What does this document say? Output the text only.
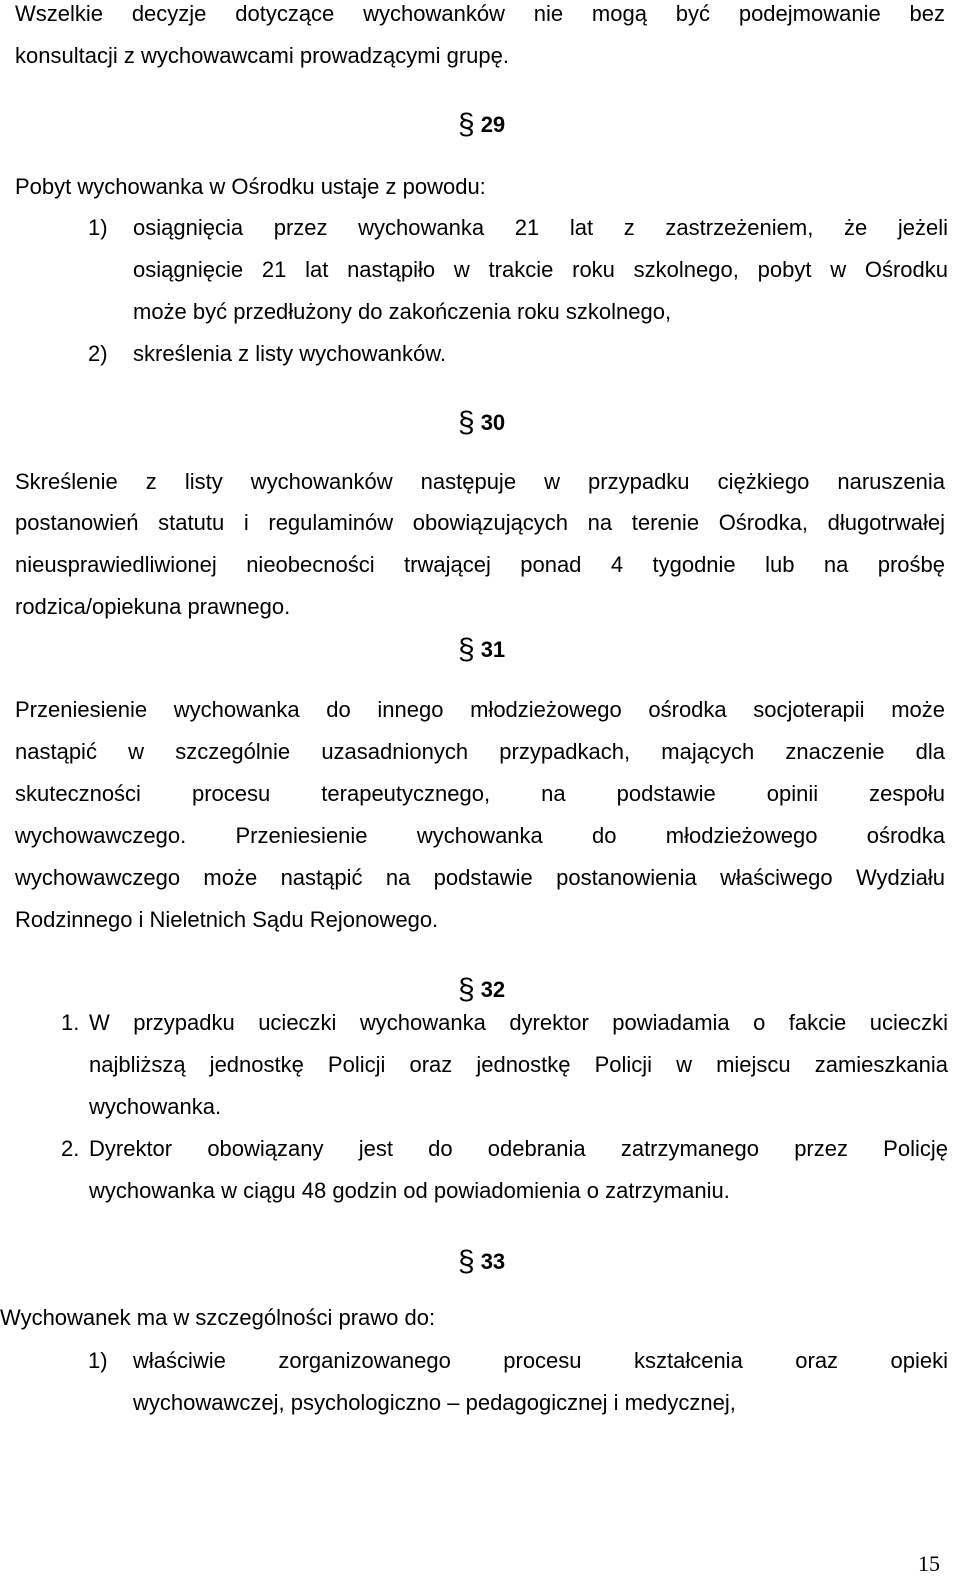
Wszelkie decyzje dotyczące wychowanków nie mogą być podejmowanie bez
konsultacji z wychowawcami prowadzącymi grupę.
§ 29
Pobyt wychowanka w Ośrodku ustaje z powodu:
1) osiągnięcia przez wychowanka 21 lat z zastrzeżeniem, że jeżeli
osiągnięcie 21 lat nastąpiło w trakcie roku szkolnego, pobyt w Ośrodku
może być przedłużony do zakończenia roku szkolnego,
2) skreślenia z listy wychowanków.
§ 30
Skreślenie z listy wychowanków następuje w przypadku ciężkiego naruszenia
postanowień statutu i regulaminów obowiązujących na terenie Ośrodka, długotrwałej
nieusprawiedliwionej nieobecności trwającej ponad 4 tygodnie lub na prośbę
rodzica/opiekuna prawnego.
§ 31
Przeniesienie wychowanka do innego młodzieżowego ośrodka socjoterapii może
nastąpić w szczególnie uzasadnionych przypadkach, mających znaczenie dla
skuteczności procesu terapeutycznego, na podstawie opinii zespołu
wychowawczego. Przeniesienie wychowanka do młodzieżowego ośrodka
wychowawczego może nastąpić na podstawie postanowienia właściwego Wydziału
Rodzinnego i Nieletnich Sądu Rejonowego.
§ 32
1. W przypadku ucieczki wychowanka dyrektor powiadamia o fakcie ucieczki
najbliższą jednostkę Policji oraz jednostkę Policji w miejscu zamieszkania
wychowanka.
2. Dyrektor obowiązany jest do odebrania zatrzymanego przez Policję
wychowanka w ciągu 48 godzin od powiadomienia o zatrzymaniu.
§ 33
Wychowanek ma w szczególności prawo do:
1) właściwie zorganizowanego procesu kształcenia oraz opieki
wychowawczej, psychologiczno – pedagogicznej i medycznej,
15
